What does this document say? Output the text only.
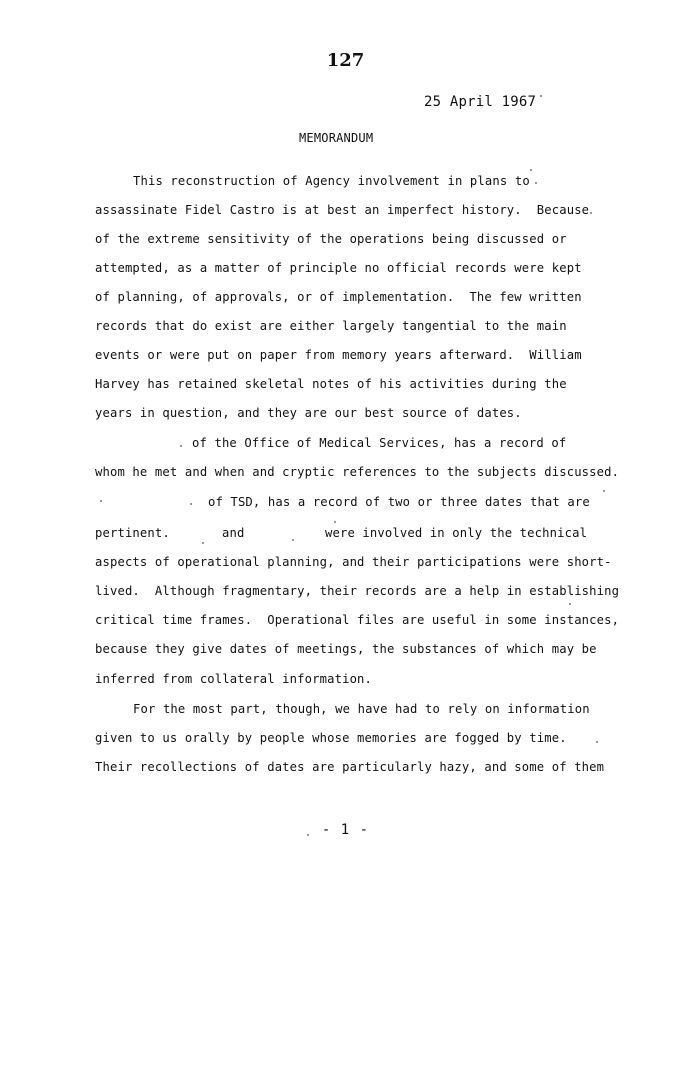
127
25 April 1967
MEMORANDUM
This reconstruction of Agency involvement in plans to
assassinate Fidel Castro is at best an imperfect history.  Because
of the extreme sensitivity of the operations being discussed or
attempted, as a matter of principle no official records were kept
of planning, of approvals, or of implementation.  The few written
records that do exist are either largely tangential to the main
events or were put on paper from memory years afterward.  William
Harvey has retained skeletal notes of his activities during the
years in question, and they are our best source of dates.
of the Office of Medical Services, has a record of
whom he met and when and cryptic references to the subjects discussed.
of TSD, has a record of two or three dates that are
pertinent.	and	were involved in only the technical
aspects of operational planning, and their participations were short-
lived.  Although fragmentary, their records are a help in establishing
critical time frames.  Operational files are useful in some instances,
because they give dates of meetings, the substances of which may be
inferred from collateral information.
For the most part, though, we have had to rely on information
given to us orally by people whose memories are fogged by time.
Their recollections of dates are particularly hazy, and some of them
- 1 -
